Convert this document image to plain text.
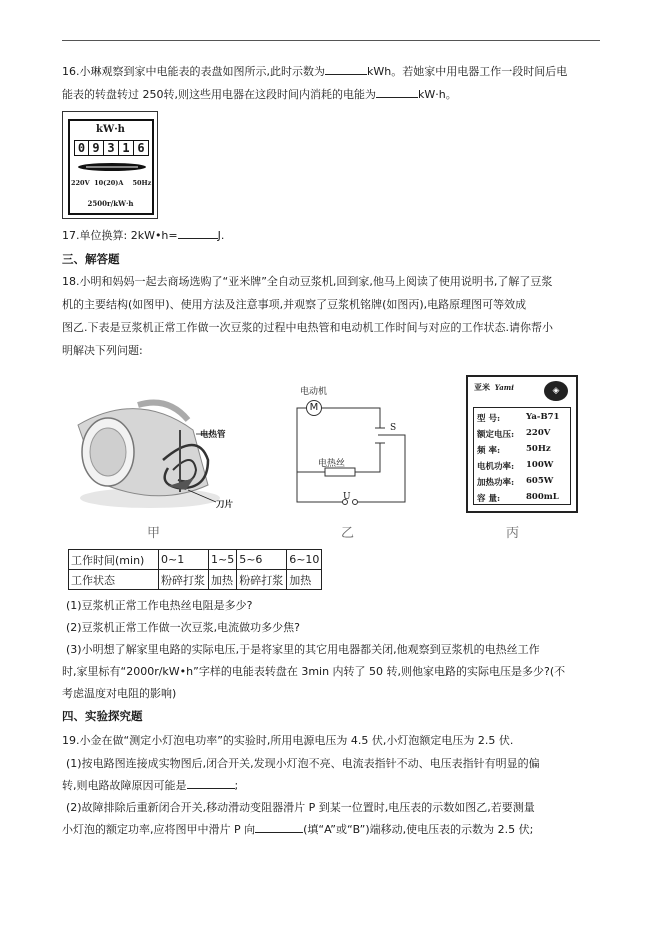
16.小琳观察到家中电能表的表盘如图所示,此时示数为	kWh。若她家中用电器工作一段时间后电
能表的转盘转过 250转,则这些用电器在这段时间内消耗的电能为	kW·h。
kW·h
0 9 3 1 6
220V  10(20)A    50Hz
2500r/kW·h
17.单位换算: 2kW•h=	J.
三、解答题
18.小明和妈妈一起去商场选购了“亚米牌”全自动豆浆机,回到家,他马上阅读了使用说明书,了解了豆浆
机的主要结构(如图甲)、使用方法及注意事项,并观察了豆浆机铭牌(如图丙),电路原理图可等效成
图乙.下表是豆浆机正常工作做一次豆浆的过程中电热管和电动机工作时间与对应的工作状态.请你帮小
明解决下列问题:
电热管
刀片
甲
M
电动机
S
电热丝
U
乙
亚米 Yami	◈
型 号:	Ya-B71
额定电压: 220V
频 率:	50Hz
电机功率: 100W
加热功率: 605W
容 量:	800mL
丙
工作时间(min)	0~1	1~5	5~6	6~10
工作状态	粉碎打浆	加热	粉碎打浆	加热
(1)豆浆机正常工作电热丝电阻是多少?
(2)豆浆机正常工作做一次豆浆,电流做功多少焦?
(3)小明想了解家里电路的实际电压,于是将家里的其它用电器都关闭,他观察到豆浆机的电热丝工作
时,家里标有“2000r/kW•h”字样的电能表转盘在 3min 内转了 50 转,则他家电路的实际电压是多少?(不
考虑温度对电阻的影响)
四、实验探究题
19.小金在做“测定小灯泡电功率”的实验时,所用电源电压为 4.5 伏,小灯泡额定电压为 2.5 伏.
(1)按电路图连接成实物图后,闭合开关,发现小灯泡不亮、电流表指针不动、电压表指针有明显的偏
转,则电路故障原因可能是	;
(2)故障排除后重新闭合开关,移动滑动变阻器滑片 P 到某一位置时,电压表的示数如图乙,若要测量
小灯泡的额定功率,应将图甲中滑片 P 向	(填“A”或“B”)端移动,使电压表的示数为 2.5 伏;
